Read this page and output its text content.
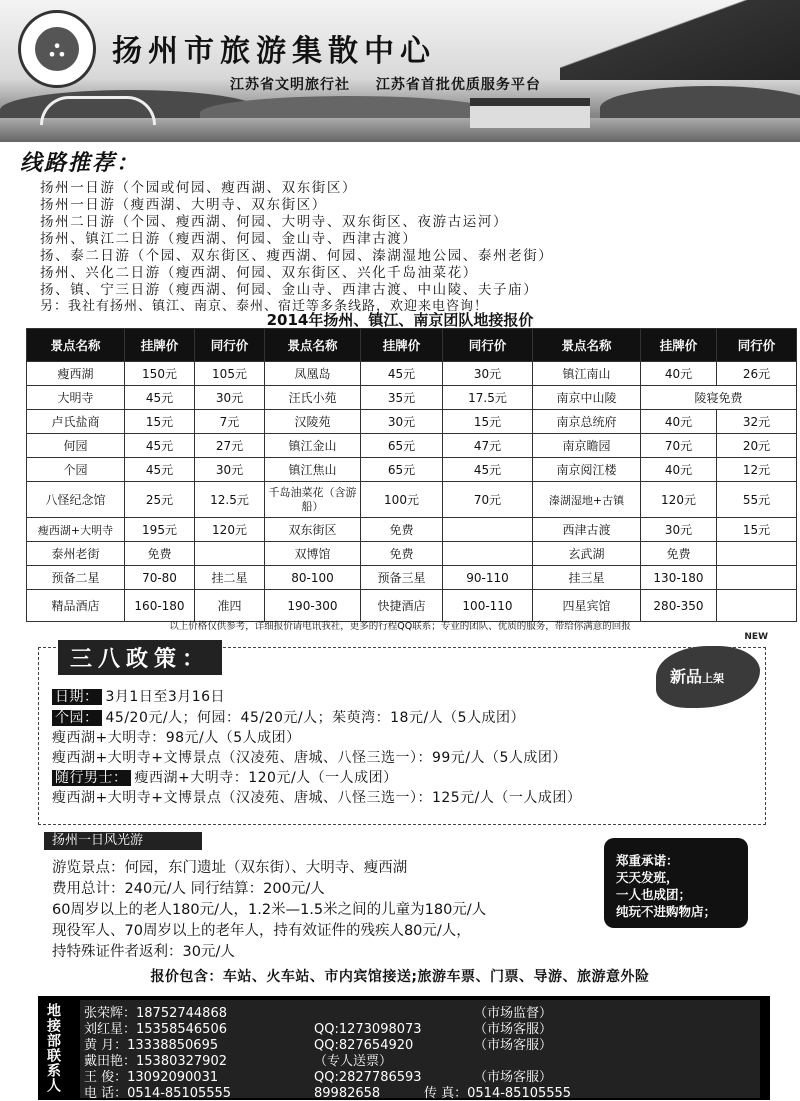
⛬	扬州市旅游集散中心
江苏省文明旅行社 江苏省首批优质服务平台
线路推荐：
扬州一日游（个园或何园、瘦西湖、双东街区）
扬州一日游（瘦西湖、大明寺、双东街区）
扬州二日游（个园、瘦西湖、何园、大明寺、双东街区、夜游古运河）
扬州、镇江二日游（瘦西湖、何园、金山寺、西津古渡）
扬、泰二日游（个园、双东街区、瘦西湖、何园、溱湖湿地公园、泰州老街）
扬州、兴化二日游（瘦西湖、何园、双东街区、兴化千岛油菜花）
扬、镇、宁三日游（瘦西湖、何园、金山寺、西津古渡、中山陵、夫子庙）
另：我社有扬州、镇江、南京、泰州、宿迁等多条线路，欢迎来电咨询！
2014年扬州、镇江、南京团队地接报价
景点名称	挂牌价	同行价	景点名称	挂牌价	同行价	景点名称	挂牌价	同行价
瘦西湖	150元	105元	凤凰岛	45元	30元	镇江南山	40元	26元
大明寺	45元	30元	汪氏小苑	35元	17.5元	南京中山陵	陵寝免费	
卢氏盐商	15元	7元	汉陵苑	30元	15元	南京总统府	40元	32元
何园	45元	27元	镇江金山	65元	47元	南京瞻园	70元	20元
个园	45元	30元	镇江焦山	65元	45元	南京阅江楼	40元	12元
八怪纪念馆	25元	12.5元	千岛油菜花（含游船）	100元	70元	溱湖湿地+古镇	120元	55元
瘦西湖+大明寺	195元	120元	双东街区	免费		西津古渡	30元	15元
泰州老街	免费		双博馆	免费		玄武湖	免费	
预备二星	70-80	挂二星	80-100	预备三星	90-110	挂三星	130-180	
精品酒店	160-180	准四	190-300	快捷酒店	100-110	四星宾馆	280-350	
以上价格仅供参考，详细报价请电讯我社，更多的行程QQ联系；专业的团队、优质的服务，带给你满意的回报
三八政策：
NEW
新品上架
日期： 3月1日至3月16日
个园： 45/20元/人；何园：45/20元/人；茱萸湾：18元/人（5人成团）
瘦西湖+大明寺：98元/人（5人成团）
瘦西湖+大明寺+文博景点（汉凌苑、唐城、八怪三选一）：99元/人（5人成团）
随行男士： 瘦西湖+大明寺：120元/人（一人成团）
瘦西湖+大明寺+文博景点（汉凌苑、唐城、八怪三选一）：125元/人（一人成团）
扬州一日风光游
游览景点：何园，东门遗址（双东街）、大明寺、瘦西湖
费用总计：240元/人 同行结算：200元/人
60周岁以上的老人180元/人，1.2米—1.5米之间的儿童为180元/人
现役军人、70周岁以上的老年人，持有效证件的残疾人80元/人，
持特殊证件者返利：30元/人
郑重承诺：
天天发班，
一人也成团；
纯玩不进购物店；
报价包含：车站、火车站、市内宾馆接送;旅游车票、门票、导游、旅游意外险
地接部联系人	张荣辉：18752744868	（市场监督）
刘红星：15358546506	QQ:1273098073	（市场客服）
黄 月：13338850695	QQ:827654920	（市场客服）
戴田艳：15380327902	（专人送票）
王 俊：13092090031	QQ:2827786593	（市场客服）
电 话：0514-85105555	89982658	传 真：0514-85105555
